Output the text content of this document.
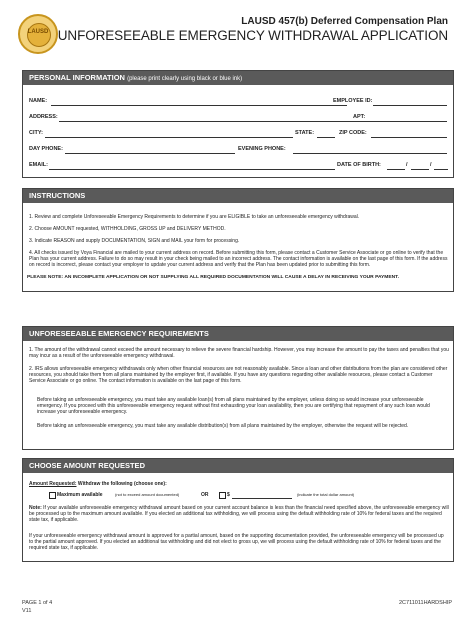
LAUSD
LAUSD 457(b) Deferred Compensation Plan
UNFORESEEABLE EMERGENCY WITHDRAWAL APPLICATION
PERSONAL INFORMATION (please print clearly using black or blue ink)
NAME:	EMPLOYEE ID:
ADDRESS:	APT:
CITY:	STATE:	ZIP CODE:
DAY PHONE:	EVENING PHONE:
EMAIL:	DATE OF BIRTH:	/	/
INSTRUCTIONS
1. Review and complete Unforeseeable Emergency Requirements to determine if you are ELIGIBLE to take an unforeseeable emergency withdrawal.
2. Choose AMOUNT requested, WITHHOLDING, GROSS UP and DELIVERY METHOD.
3. Indicate REASON and supply DOCUMENTATION, SIGN and MAIL your form for processing.
4. All checks issued by Voya Financial are mailed to your current address on record. Before submitting this form, please contact a Customer Service Associate or go online to verify that the Plan has your current address. Failure to do so may result in your check being mailed to an incorrect address. The contact information is available on the last page of this form. If the address on record is incorrect, please contact your employer to update your current address and verify that the Plan has been updated prior to submitting this form.
PLEASE NOTE: AN INCOMPLETE APPLICATION OR NOT SUPPLYING ALL REQUIRED DOCUMENTATION WILL CAUSE A DELAY IN RECEIVING YOUR PAYMENT.
UNFORESEEABLE EMERGENCY REQUIREMENTS
1. The amount of the withdrawal cannot exceed the amount necessary to relieve the severe financial hardship. However, you may increase the amount to pay the taxes and penalties that you may incur as a result of the unforeseeable emergency withdrawal.
2. IRS allows unforeseeable emergency withdrawals only when other financial resources are not reasonably available. Since a loan and other distributions from the plan are considered other resources, you should take them from all plans maintained by the employer first, if available. If you have any questions regarding other available resources, please contact a Customer Service Associate or go online. The contact information is available on the last page of this form.
Before taking an unforeseeable emergency, you must take any available loan(s) from all plans maintained by the employer, unless doing so would increase your unforeseeable emergency. If you proceed with this unforeseeable emergency request without first exhausting your loan availability, then you are certifying that repayment of any such loan would increase your unforeseeable emergency.
Before taking an unforeseeable emergency, you must take any available distribution(s) from all plans maintained by the employer, otherwise the request will be rejected.
CHOOSE AMOUNT REQUESTED
Amount Requested: Withdraw the following (choose one):
Maximum available	(not to exceed amount documented)	OR	$	(indicate the total dollar amount)
Note: If your available unforeseeable emergency withdrawal amount based on your current account balance is less than the financial need specified above, the unforeseeable emergency will be processed up to the maximum amount available. If you elected an additional tax withholding, we will process using the default withholding rate of 10% for federal taxes and the required state tax, if applicable.
If your unforeseeable emergency withdrawal amount is approved for a partial amount, based on the supporting documentation provided, the unforeseeable emergency will be processed up to the partial amount approved. If you elected an additional tax withholding and did not elect to gross up, we will process using the default withholding rate of 10% for federal taxes and the required state tax, if applicable.
PAGE 1 of 4
V11
2C711011HARDSHIP
